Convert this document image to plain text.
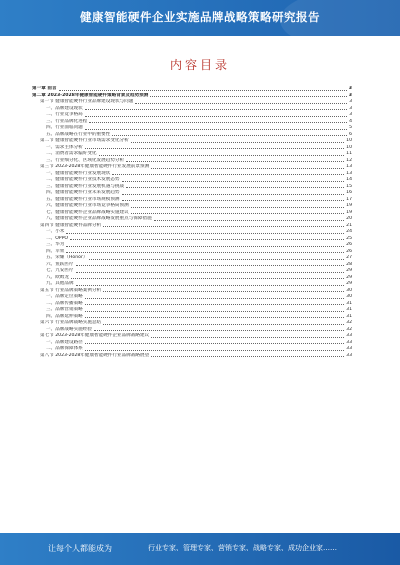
健康智能硬件企业实施品牌战略策略研究报告
内容目录
第一章 前言	3
第二章 2023-2028年健康智能硬件策略背景及趋势预测	3
第一节 健康智能硬件行业品牌建设现状与问题	3
一、品牌建设现状	3
二、行业竞争格局	3
三、行业品牌化进程	4
四、行业面临问题	5
五、品牌战略在行业中的重要性	6
第二节 健康智能硬件行业市场需求变化分析	10
一、需求主体分析	10
二、消费者需求偏好变化	11
三、行业细分化、区域化发展趋势分析	12
第三节 2023-2028年健康智能硬件行业发展前景预测	13
一、健康智能硬件行业发展现状	13
二、健康智能硬件行业技术发展态势	14
三、健康智能硬件行业发展机遇与挑战	15
四、健康智能硬件行业未来发展趋势	16
五、健康智能硬件行业市场规模预测	17
六、健康智能硬件行业市场竞争格局预测	19
七、健康智能硬件企业品牌战略实施建议	19
八、健康智能硬件企业品牌战略发展重点与保障措施	20
第四节 健康智能硬件品牌分析	21
一、小米	24
二、OPPO	25
三、华为	26
四、苹果	26
五、荣耀（Honor）	27
六、鱼跃医疗	28
七、九安医疗	29
八、欧姆龙	29
九、其他品牌	29
第五节 行业品牌策略案例分析	30
一、品牌定位策略	30
二、品牌传播策略	31
三、品牌营销策略	31
四、品牌延伸策略	31
第六节 行业品牌战略实施总结	32
一、品牌战略实施经验	32
第七节 2023-2028年健康智能硬件企业品牌战略建议	33
一、品牌建设路径	33
二、品牌保障体系	33
第八节 2023-2028年健康智能硬件行业品牌战略展望	33
让每个人都能成为	行业专家、管理专家、营销专家、战略专家、成功企业家……
